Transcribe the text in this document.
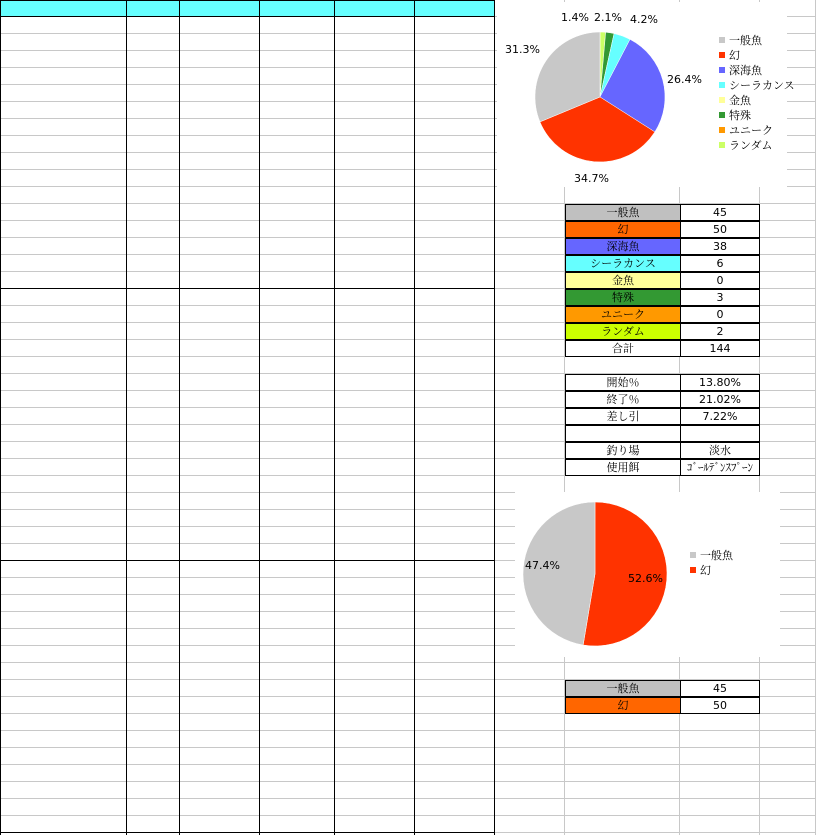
31.3%
34.7%
26.4%
4.2%
2.1%
1.4%
一般魚
幻
深海魚
シーラカンス
金魚
特殊
ユニーク
ランダム
47.4%
52.6%
一般魚
幻
一般魚	45
幻	50
深海魚	38
シーラカンス	6
金魚	0
特殊	3
ユニーク	0
ランダム	2
合計	144
開始％	13.80%
終了％	21.02%
差し引	7.22%
釣り場	淡水
使用餌	ｺﾞｰﾙﾃﾞﾝｽﾌﾟｰﾝ
一般魚	45
幻	50
